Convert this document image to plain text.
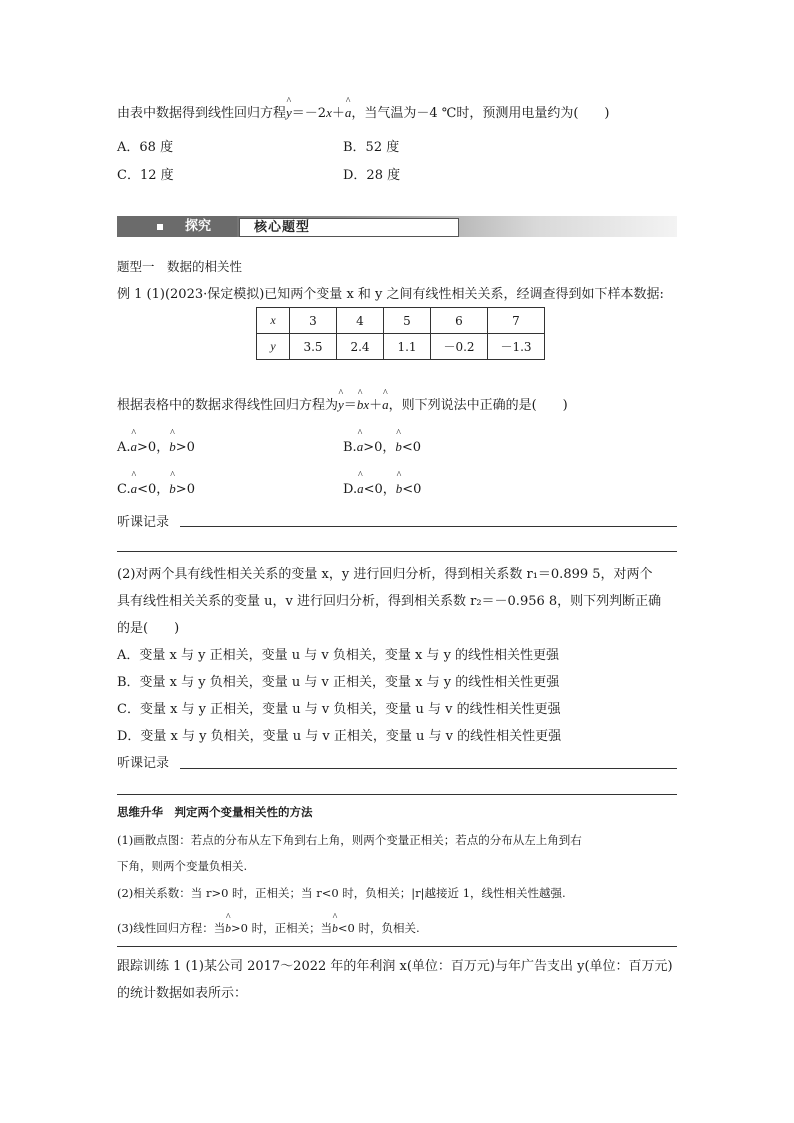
由表中数据得到线性回归方程^ y＝－2x＋^ a，当气温为－4 ℃时，预测用电量约为(　　)
A．68 度	B．52 度
C．12 度	D．28 度
探究	核心题型
题型一　数据的相关性
例 1 (1)(2023·保定模拟)已知两个变量 x 和 y 之间有线性相关关系，经调查得到如下样本数据:
x	3	4	5	6	7
y	3.5	2.4	1.1	－0.2	－1.3
根据表格中的数据求得线性回归方程为^ y＝^ bx＋^ a，则下列说法中正确的是(　　)
A.^ a>0，^ b>0	B.^ a>0，^ b<0
C.^ a<0，^ b>0	D.^ a<0，^ b<0
听课记录
(2)对两个具有线性相关关系的变量 x，y 进行回归分析，得到相关系数 r₁＝0.899 5，对两个
具有线性相关关系的变量 u，v 进行回归分析，得到相关系数 r₂＝－0.956 8，则下列判断正确
的是(　　)
A．变量 x 与 y 正相关，变量 u 与 v 负相关，变量 x 与 y 的线性相关性更强
B．变量 x 与 y 负相关，变量 u 与 v 正相关，变量 x 与 y 的线性相关性更强
C．变量 x 与 y 正相关，变量 u 与 v 负相关，变量 u 与 v 的线性相关性更强
D．变量 x 与 y 负相关，变量 u 与 v 正相关，变量 u 与 v 的线性相关性更强
听课记录
思维升华　判定两个变量相关性的方法
(1)画散点图：若点的分布从左下角到右上角，则两个变量正相关；若点的分布从左上角到右
下角，则两个变量负相关.
(2)相关系数：当 r>0 时，正相关；当 r<0 时，负相关；|r|越接近 1，线性相关性越强.
(3)线性回归方程：当^ b>0 时，正相关；当^ b<0 时，负相关.
跟踪训练 1 (1)某公司 2017～2022 年的年利润 x(单位：百万元)与年广告支出 y(单位：百万元)
的统计数据如表所示：
